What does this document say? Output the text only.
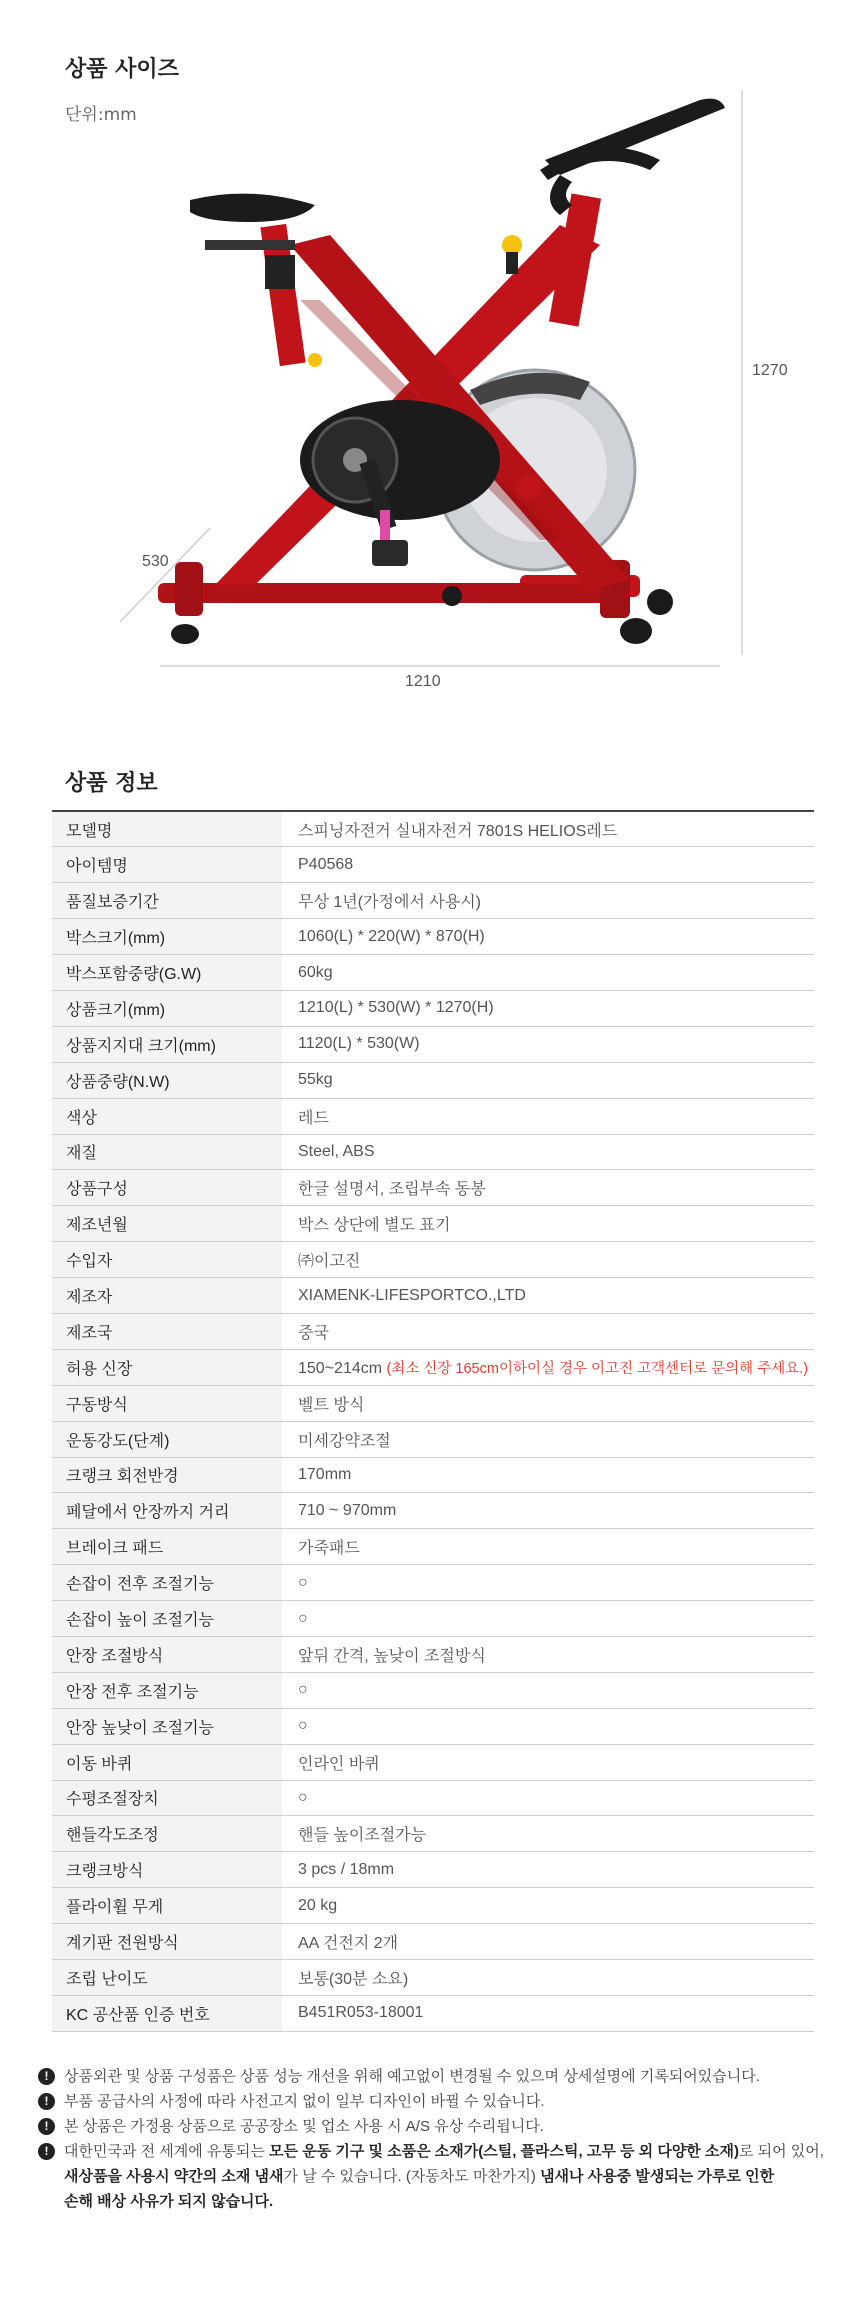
상품 사이즈
단위:mm
1270
530
1210
상품 정보
모델명	스피닝자전거 실내자전거 7801S HELIOS레드
아이템명	P40568
품질보증기간	무상 1년(가정에서 사용시)
박스크기(mm)	1060(L) * 220(W) * 870(H)
박스포함중량(G.W)	60kg
상품크기(mm)	1210(L) * 530(W) * 1270(H)
상품지지대 크기(mm)	1120(L) * 530(W)
상품중량(N.W)	55kg
색상	레드
재질	Steel, ABS
상품구성	한글 설명서, 조립부속 동봉
제조년월	박스 상단에 별도 표기
수입자	㈜이고진
제조자	XIAMENK-LIFESPORTCO.,LTD
제조국	중국
허용 신장	150~214cm (최소 신장 165cm이하이실 경우 이고진 고객센터로 문의해 주세요.)
구동방식	벨트 방식
운동강도(단계)	미세강약조절
크랭크 회전반경	170mm
페달에서 안장까지 거리	710 ~ 970mm
브레이크 패드	가죽패드
손잡이 전후 조절기능	○
손잡이 높이 조절기능	○
안장 조절방식	앞뒤 간격, 높낮이 조절방식
안장 전후 조절기능	○
안장 높낮이 조절기능	○
이동 바퀴	인라인 바퀴
수평조절장치	○
핸들각도조정	핸들 높이조절가능
크랭크방식	3 pcs / 18mm
플라이휠 무게	20 kg
계기판 전원방식	AA 건전지 2개
조립 난이도	보통(30분 소요)
KC 공산품 인증 번호	B451R053-18001
!	상품외관 및 상품 구성품은 상품 성능 개선을 위해 예고없이 변경될 수 있으며 상세설명에 기록되어있습니다.
!	부품 공급사의 사정에 따라 사전고지 없이 일부 디자인이 바뀔 수 있습니다.
!	본 상품은 가정용 상품으로 공공장소 및 업소 사용 시 A/S 유상 수리됩니다.
!	대한민국과 전 세계에 유통되는 모든 운동 기구 및 소품은 소재가(스틸, 플라스틱, 고무 등 외 다양한 소재)로 되어 있어,
새상품을 사용시 약간의 소재 냄새가 날 수 있습니다. (자동차도 마찬가지) 냄새나 사용중 발생되는 가루로 인한
손해 배상 사유가 되지 않습니다.
